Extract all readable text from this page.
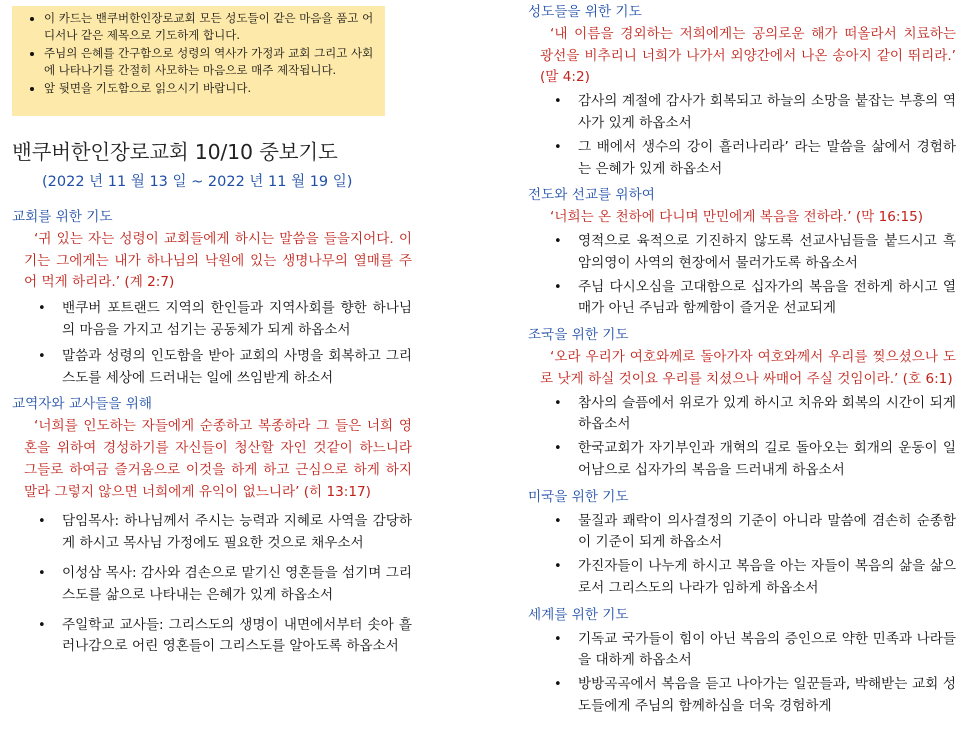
• 이 카드는 밴쿠버한인장로교회 모든 성도들이 같은 마음을 품고 어디서나 같은 제목으로 기도하게 합니다.
• 주님의 은혜를 간구함으로 성령의 역사가 가정과 교회 그리고 사회에 나타나기를 간절히 사모하는 마음으로 매주 제작됩니다.
• 앞 뒷면을 기도함으로 읽으시기 바랍니다.
밴쿠버한인장로교회 10/10 중보기도
(2022 년 11 월 13 일 ~ 2022 년 11 월 19 일)
교회를 위한 기도
‘귀 있는 자는 성령이 교회들에게 하시는 말씀을 들을지어다. 이기는 그에게는 내가 하나님의 낙원에 있는 생명나무의 열매를 주어 먹게 하리라.’ (계 2:7)
• 밴쿠버 포트랜드 지역의 한인들과 지역사회를 향한 하나님의 마음을 가지고 섬기는 공동체가 되게 하옵소서
• 말씀과 성령의 인도함을 받아 교회의 사명을 회복하고 그리스도를 세상에 드러내는 일에 쓰임받게 하소서
교역자와 교사들을 위해
‘너희를 인도하는 자들에게 순종하고 복종하라 그 들은 너희 영혼을 위하여 경성하기를 자신들이 청산할 자인 것같이 하느니라 그들로 하여금 즐거움으로 이것을 하게 하고 근심으로 하게 하지 말라 그렇지 않으면 너희에게 유익이 없느니라’ (히 13:17)
• 담임목사: 하나님께서 주시는 능력과 지혜로 사역을 감당하게 하시고 목사님 가정에도 필요한 것으로 채우소서
• 이성삼 목사: 감사와 겸손으로 맡기신 영혼들을 섬기며 그리스도를 삶으로 나타내는 은혜가 있게 하옵소서
• 주일학교 교사들: 그리스도의 생명이 내면에서부터 솟아 흘러나감으로 어린 영혼들이 그리스도를 알아도록 하옵소서
성도들을 위한 기도
‘내 이름을 경외하는 저희에게는 공의로운 해가 떠올라서 치료하는 광선을 비추리니 너희가 나가서 외양간에서 나온 송아지 같이 뛰리라.’ (말 4:2)
• 감사의 계절에 감사가 회복되고 하늘의 소망을 붙잡는 부흥의 역사가 있게 하옵소서
• 그 배에서 생수의 강이 흘러나리라’ 라는 말씀을 삶에서 경험하는 은혜가 있게 하옵소서
전도와 선교를 위하여
‘너희는 온 천하에 다니며 만민에게 복음을 전하라.’ (막 16:15)
• 영적으로 육적으로 기진하지 않도록 선교사님들을 붙드시고 흑암의영이 사역의 현장에서 물러가도록 하옵소서
• 주님 다시오심을 고대함으로 십자가의 복음을 전하게 하시고 열매가 아닌 주님과 함께함이 즐거운 선교되게
조국을 위한 기도
‘오라 우리가 여호와께로 돌아가자 여호와께서 우리를 찢으셨으나 도로 낫게 하실 것이요 우리를 치셨으나 싸매어 주실 것임이라.’ (호 6:1)
• 참사의 슬픔에서 위로가 있게 하시고 치유와 회복의 시간이 되게 하옵소서
• 한국교회가 자기부인과 개혁의 길로 돌아오는 회개의 운동이 일어남으로 십자가의 복음을 드러내게 하옵소서
미국을 위한 기도
• 물질과 쾌락이 의사결정의 기준이 아니라 말씀에 겸손히 순종함이 기준이 되게 하옵소서
• 가진자들이 나누게 하시고 복음을 아는 자들이 복음의 삶을 삶으로서 그리스도의 나라가 임하게 하옵소서
세계를 위한 기도
• 기독교 국가들이 힘이 아닌 복음의 증인으로 약한 민족과 나라들을 대하게 하옵소서
• 방방곡곡에서 복음을 듣고 나아가는 일꾼들과, 박해받는 교회 성도들에게 주님의 함께하심을 더욱 경험하게
